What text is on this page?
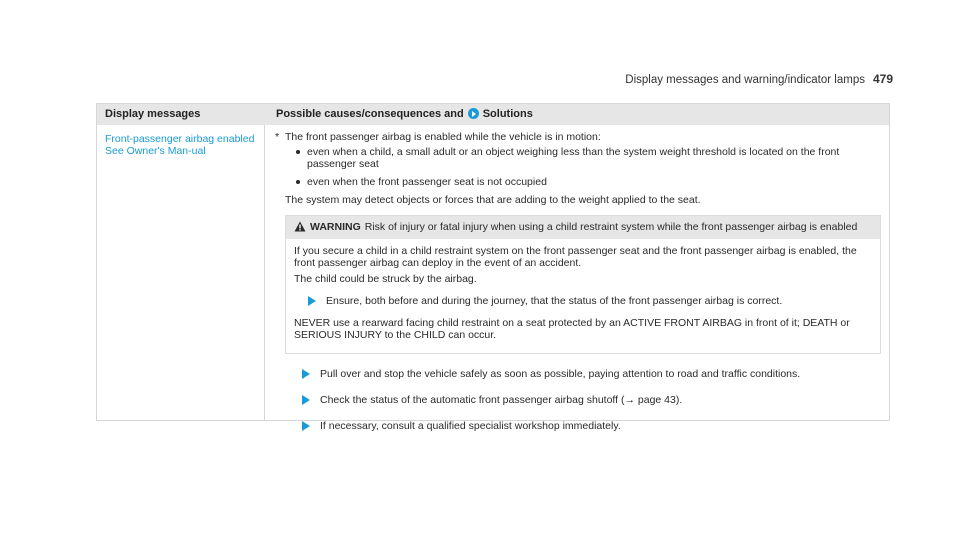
Display messages and warning/indicator lamps 479
Display messages	Possible causes/consequences and Solutions
Front-passenger airbag enabled See Owner's Man-ual
* The front passenger airbag is enabled while the vehicle is in motion:
even when a child, a small adult or an object weighing less than the system weight threshold is located on the front passenger seat
even when the front passenger seat is not occupied
The system may detect objects or forces that are adding to the weight applied to the seat.
WARNING Risk of injury or fatal injury when using a child restraint system while the front passenger airbag is enabled

If you secure a child in a child restraint system on the front passenger seat and the front passenger airbag is enabled, the front passenger airbag can deploy in the event of an accident.

The child could be struck by the airbag.

Ensure, both before and during the journey, that the status of the front passenger airbag is correct.

NEVER use a rearward facing child restraint on a seat protected by an ACTIVE FRONT AIRBAG in front of it; DEATH or SERIOUS INJURY to the CHILD can occur.

Pull over and stop the vehicle safely as soon as possible, paying attention to road and traffic conditions.
Check the status of the automatic front passenger airbag shutoff (→ page 43).
If necessary, consult a qualified specialist workshop immediately.
